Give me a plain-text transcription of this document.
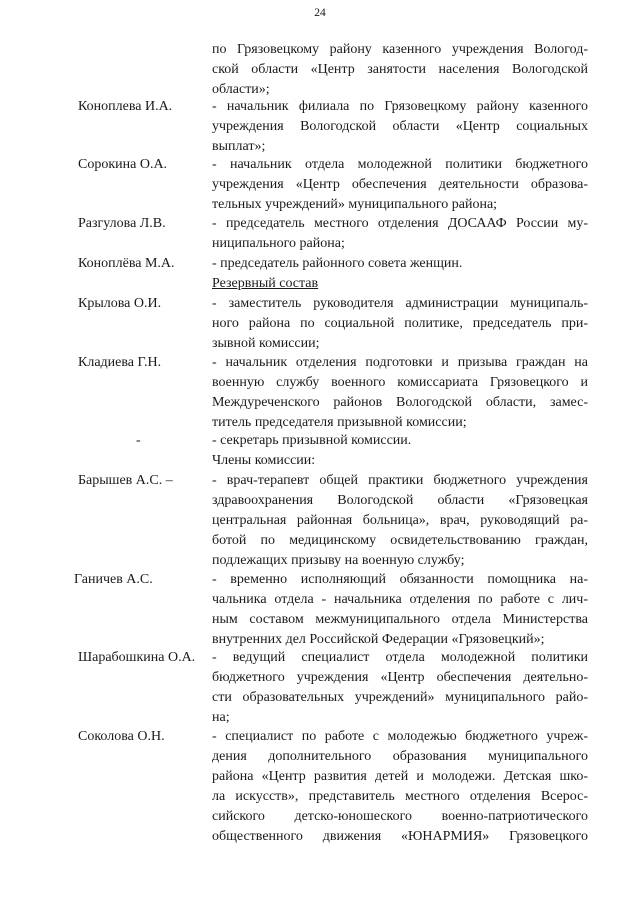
24
по Грязовецкому району казенного учреждения Вологод-
ской области «Центр занятости населения Вологодской
области»;
Коноплева И.А.	- начальник филиала по Грязовецкому району казенного
учреждения Вологодской области «Центр социальных
выплат»;
Сорокина О.А.	- начальник отдела молодежной политики бюджетного
учреждения «Центр обеспечения деятельности образова-
тельных учреждений» муниципального района;
Разгулова Л.В.	- председатель местного отделения ДОСААФ России му-
ниципального района;
Коноплёва М.А.	- председатель районного совета женщин.
Резервный состав
Крылова О.И.	- заместитель руководителя администрации муниципаль-
ного района по социальной политике, председатель при-
зывной комиссии;
Кладиева Г.Н.	- начальник отделения подготовки и призыва граждан на
военную службу военного комиссариата Грязовецкого и
Междуреченского районов Вологодской области, замес-
титель председателя призывной комиссии;
-	- секретарь призывной комиссии.
Члены комиссии:
Барышев А.С. –	- врач-терапевт общей практики бюджетного учреждения
здравоохранения Вологодской области «Грязовецкая
центральная районная больница», врач, руководящий ра-
ботой по медицинскому освидетельствованию граждан,
подлежащих призыву на военную службу;
Ганичев А.С.	- временно исполняющий обязанности помощника на-
чальника отдела - начальника отделения по работе с лич-
ным составом межмуниципального отдела Министерства
внутренних дел Российской Федерации «Грязовецкий»;
Шарабошкина О.А. - ведущий специалист отдела молодежной политики
бюджетного учреждения «Центр обеспечения деятельно-
сти образовательных учреждений» муниципального райо-
на;
Соколова О.Н.	- специалист по работе с молодежью бюджетного учреж-
дения дополнительного образования муниципального
района «Центр развития детей и молодежи. Детская шко-
ла искусств», представитель местного отделения Всерос-
сийского детско-юношеского военно-патриотического
общественного движения «ЮНАРМИЯ» Грязовецкого
